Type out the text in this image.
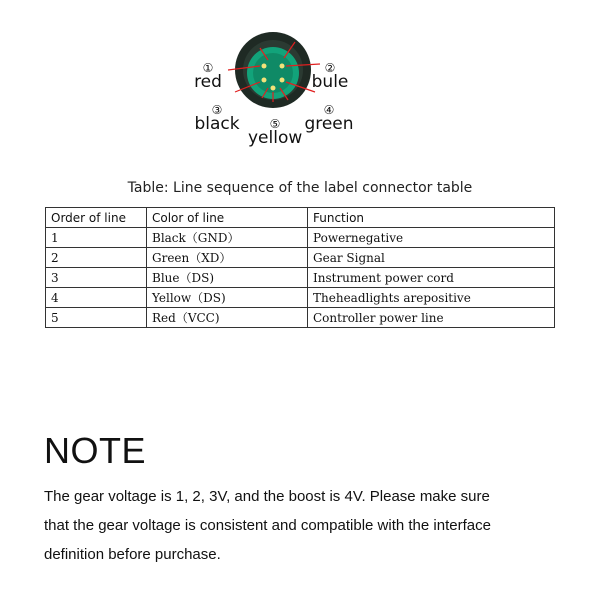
①
red
②
bule
③
black
④
green
⑤
yellow
Table: Line sequence of the label connector table
Order of line	Color of line	Function
1	Black（GND）	Powernegative
2	Green（XD）	Gear Signal
3	Blue（DS)	Instrument power cord
4	Yellow（DS)	Theheadlights arepositive
5	Red（VCC)	Controller power line
NOTE
The gear voltage is 1, 2, 3V, and the boost is 4V. Please make sure
that the gear voltage is consistent and compatible with the interface
definition before purchase.
